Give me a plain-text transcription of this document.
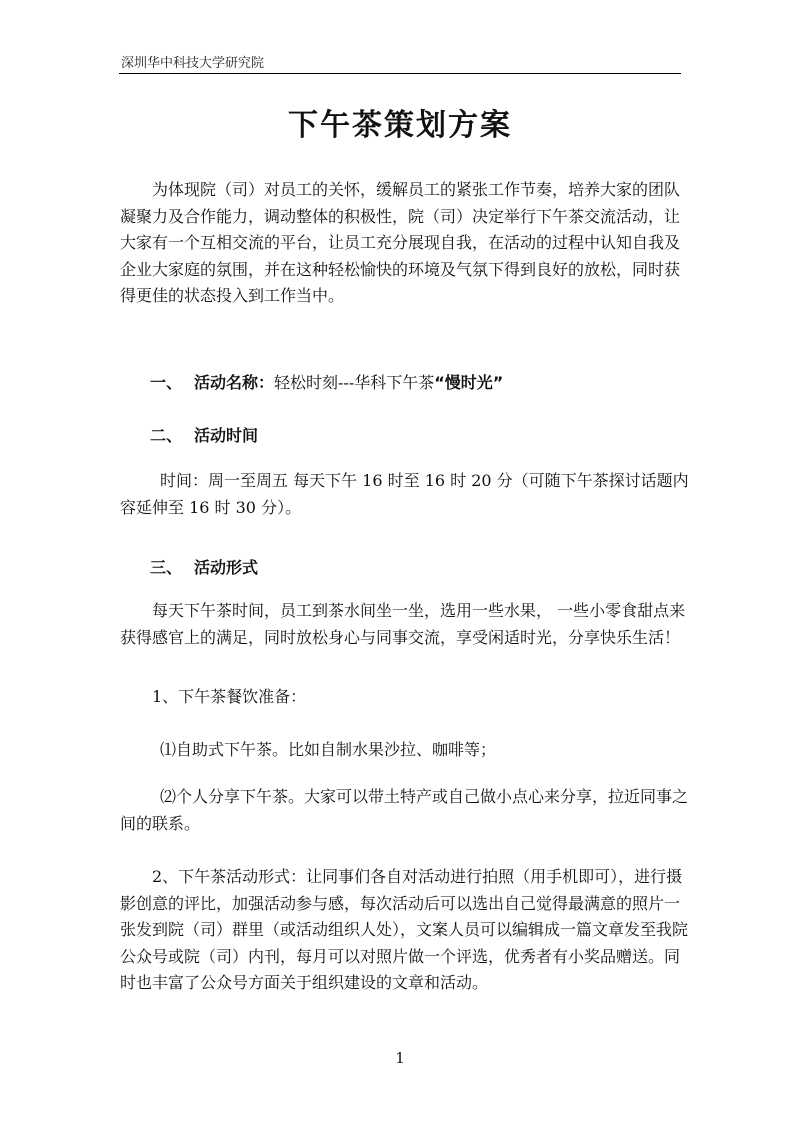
深圳华中科技大学研究院
下午茶策划方案

为体现院（司）对员工的关怀，缓解员工的紧张工作节奏，培养大家的团队凝聚力及合作能力，调动整体的积极性，院（司）决定举行下午茶交流活动，让大家有一个互相交流的平台，让员工充分展现自我，在活动的过程中认知自我及企业大家庭的氛围，并在这种轻松愉快的环境及气氛下得到良好的放松，同时获得更佳的状态投入到工作当中。

一、 活动名称：轻松时刻---华科下午茶“慢时光”
二、 活动时间

时间：周一至周五 每天下午 16 时至 16 时 20 分（可随下午茶探讨话题内容延伸至 16 时 30 分）。

三、 活动形式

每天下午茶时间，员工到茶水间坐一坐，选用一些水果， 一些小零食甜点来获得感官上的满足，同时放松身心与同事交流，享受闲适时光，分享快乐生活！

1、下午茶餐饮准备：

⑴自助式下午茶。比如自制水果沙拉、咖啡等；

⑵个人分享下午茶。大家可以带土特产或自己做小点心来分享，拉近同事之间的联系。

2、下午茶活动形式：让同事们各自对活动进行拍照（用手机即可），进行摄影创意的评比，加强活动参与感，每次活动后可以选出自己觉得最满意的照片一张发到院（司）群里（或活动组织人处），文案人员可以编辑成一篇文章发至我院公众号或院（司）内刊，每月可以对照片做一个评选，优秀者有小奖品赠送。同时也丰富了公众号方面关于组织建设的文章和活动。

1
